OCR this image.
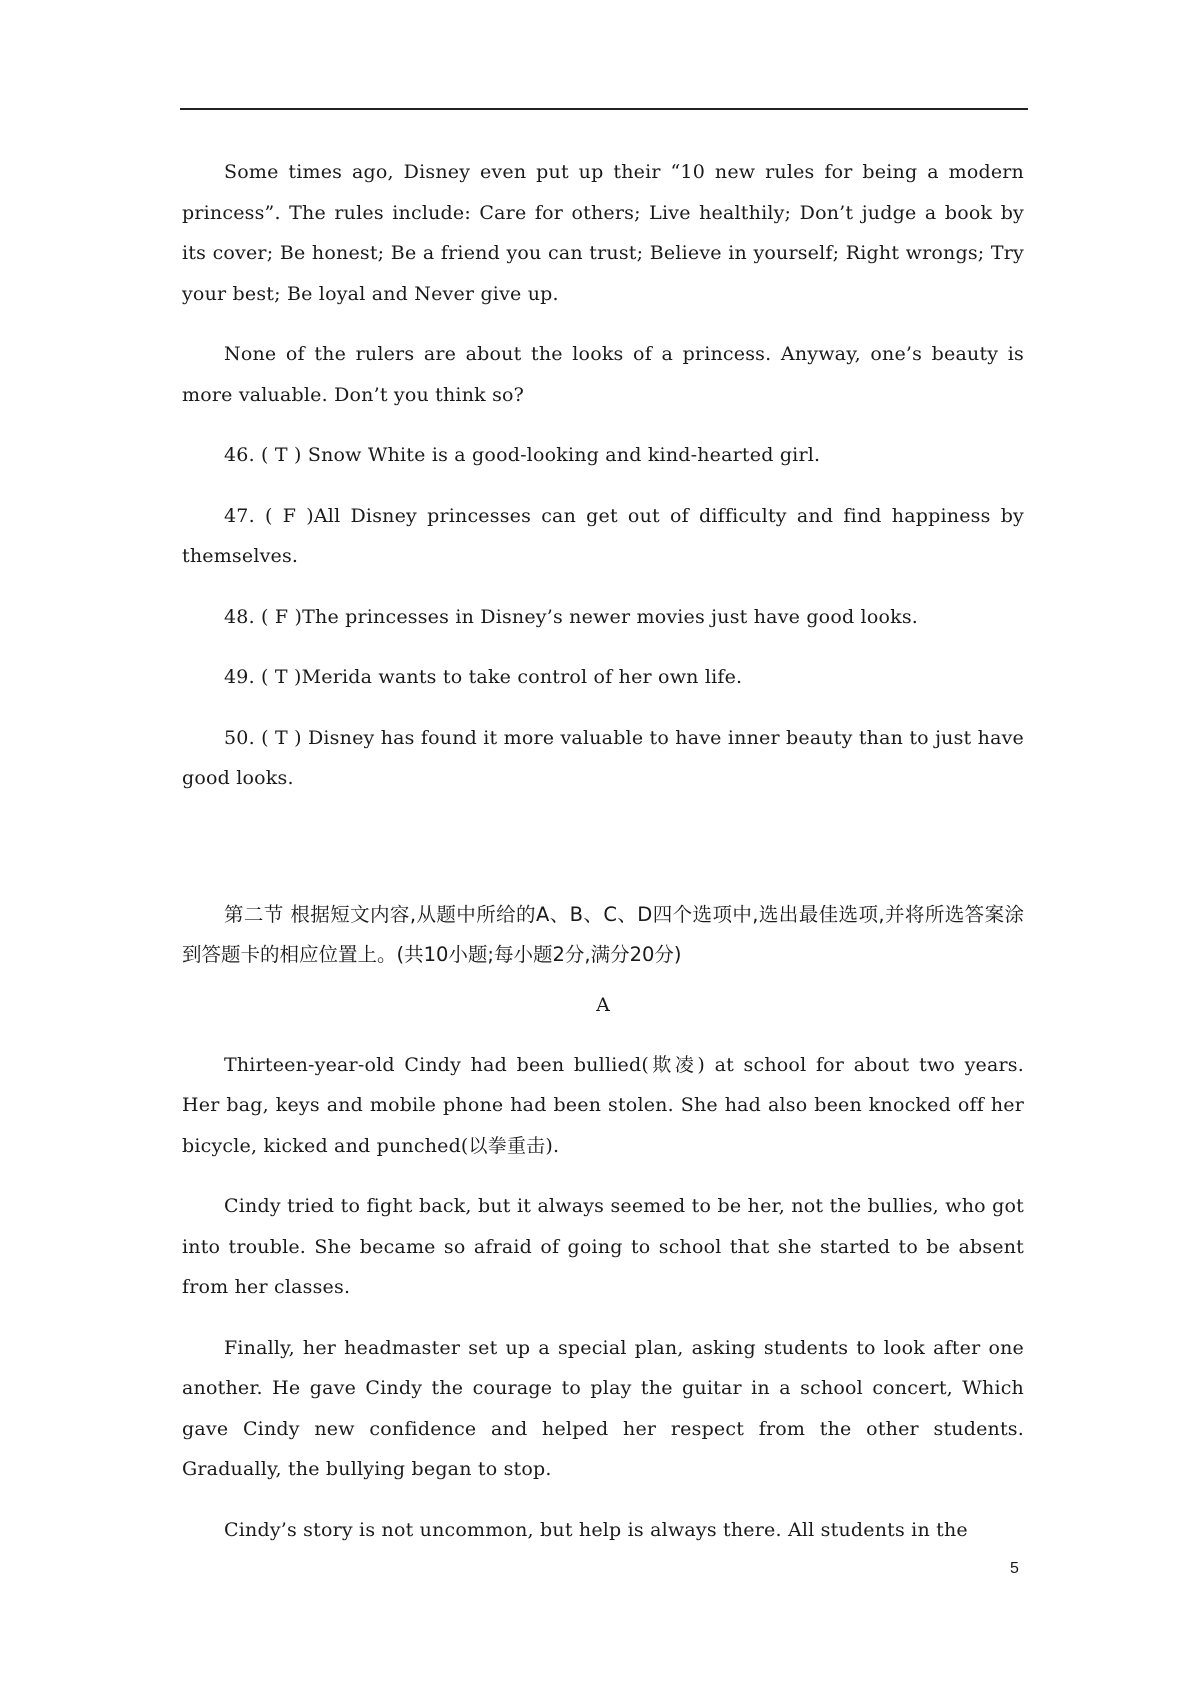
Some times ago, Disney even put up their “10 new rules for being a modern princess”. The rules include: Care for others; Live healthily; Don’t judge a book by its cover; Be honest; Be a friend you can trust; Believe in yourself; Right wrongs; Try your best; Be loyal and Never give up.

None of the rulers are about the looks of a princess. Anyway, one’s beauty is more valuable. Don’t you think so?

46. ( T ) Snow White is a good-looking and kind-hearted girl.

47. ( F )All Disney princesses can get out of difficulty and find happiness by themselves.

48. ( F )The princesses in Disney’s newer movies just have good looks.

49. ( T )Merida wants to take control of her own life.

50. ( T ) Disney has found it more valuable to have inner beauty than to just have good looks.

第二节 根据短文内容,从题中所给的A、B、C、D四个选项中,选出最佳选项,并将所选答案涂到答题卡的相应位置上。(共10小题;每小题2分,满分20分)

A

Thirteen-year-old Cindy had been bullied(欺凌) at school for about two years. Her bag, keys and mobile phone had been stolen. She had also been knocked off her bicycle, kicked and punched(以拳重击).

Cindy tried to fight back, but it always seemed to be her, not the bullies, who got into trouble. She became so afraid of going to school that she started to be absent from her classes.

Finally, her headmaster set up a special plan, asking students to look after one another. He gave Cindy the courage to play the guitar in a school concert, Which gave Cindy new confidence and helped her respect from the other students. Gradually, the bullying began to stop.

Cindy’s story is not uncommon, but help is always there. All students in the

5
